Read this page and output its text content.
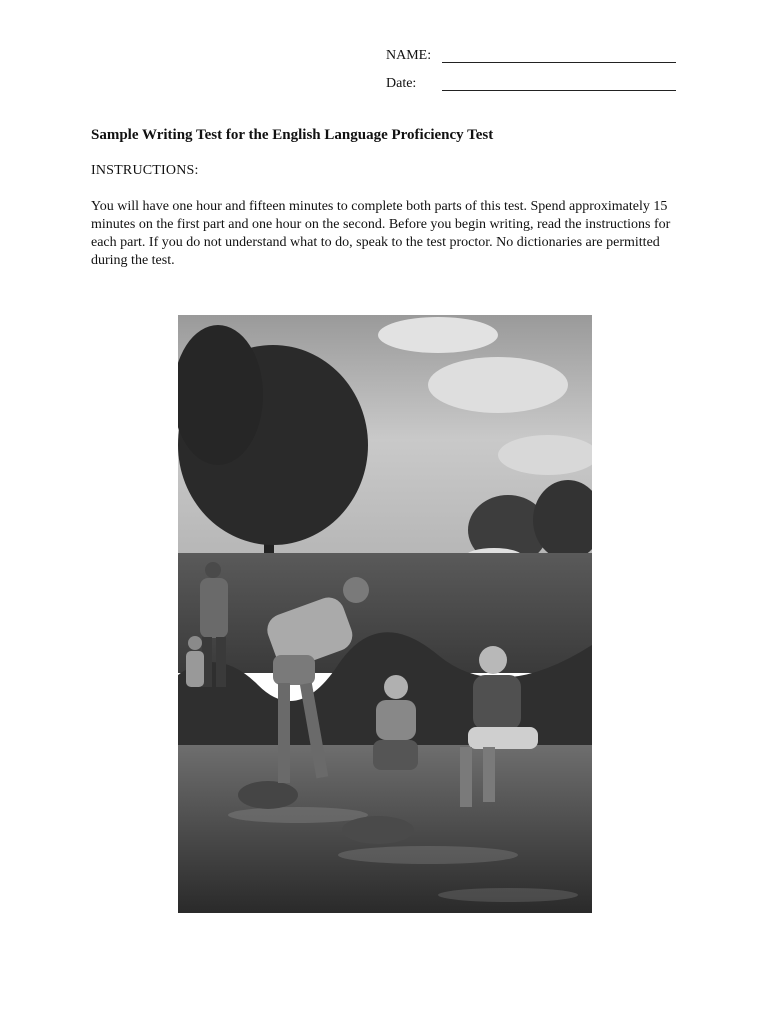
NAME:
Date:
Sample Writing Test for the English Language Proficiency Test

INSTRUCTIONS:

You will have one hour and fifteen minutes to complete both parts of this test. Spend approximately 15 minutes on the first part and one hour on the second. Before you begin writing, read the instructions for each part. If you do not understand what to do, speak to the test proctor. No dictionaries are permitted during the test.
